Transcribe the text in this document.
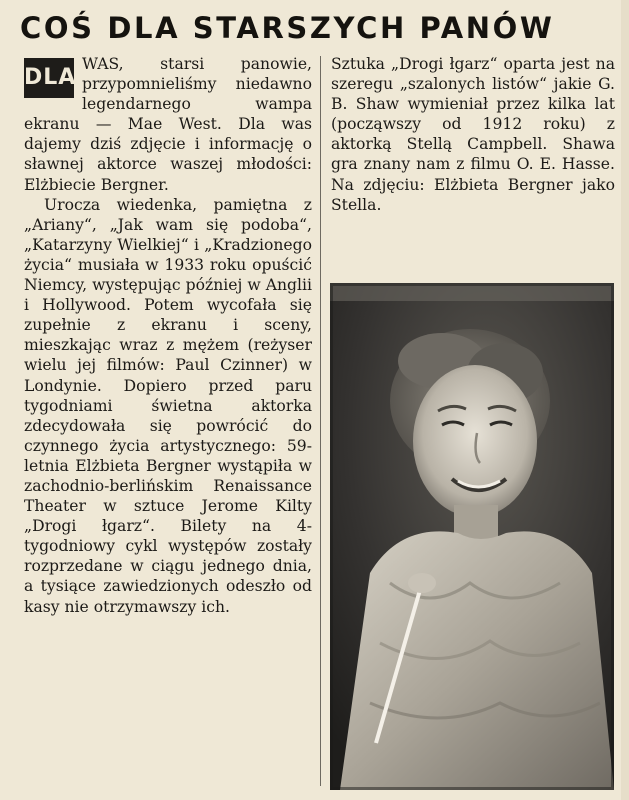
COŚ DLA STARSZYCH PANÓW

DLA
WAS, starsi panowie, przypomnieliśmy niedawno legendarnego wampa ekranu — Mae West. Dla was dajemy dziś zdjęcie i informację o sławnej aktorce waszej młodości: Elżbiecie Bergner.

Urocza wiedenka, pamiętna z „Ariany“, „Jak wam się podoba“, „Katarzyny Wielkiej“ i „Kradzionego życia“ musiała w 1933 roku opuścić Niemcy, występując później w Anglii i Hollywood. Potem wycofała się zupełnie z ekranu i sceny, mieszkając wraz z mężem (reżyser wielu jej filmów: Paul Czinner) w Londynie. Dopiero przed paru tygodniami świetna aktorka zdecydowała się powrócić do czynnego życia artystycznego: 59-letnia Elżbieta Bergner wystąpiła w zachodnio-berlińskim Renaissance Theater w sztuce Jerome Kilty „Drogi łgarz“. Bilety na 4-tygodniowy cykl występów zostały rozprzedane w ciągu jednego dnia, a tysiące zawiedzionych odeszło od kasy nie otrzymawszy ich.

Sztuka „Drogi łgarz“ oparta jest na szeregu „szalonych listów“ jakie G. B. Shaw wymieniał przez kilka lat (począwszy od 1912 roku) z aktorką Stellą Campbell. Shawa gra znany nam z filmu O. E. Hasse. Na zdjęciu: Elżbieta Bergner jako Stella.
